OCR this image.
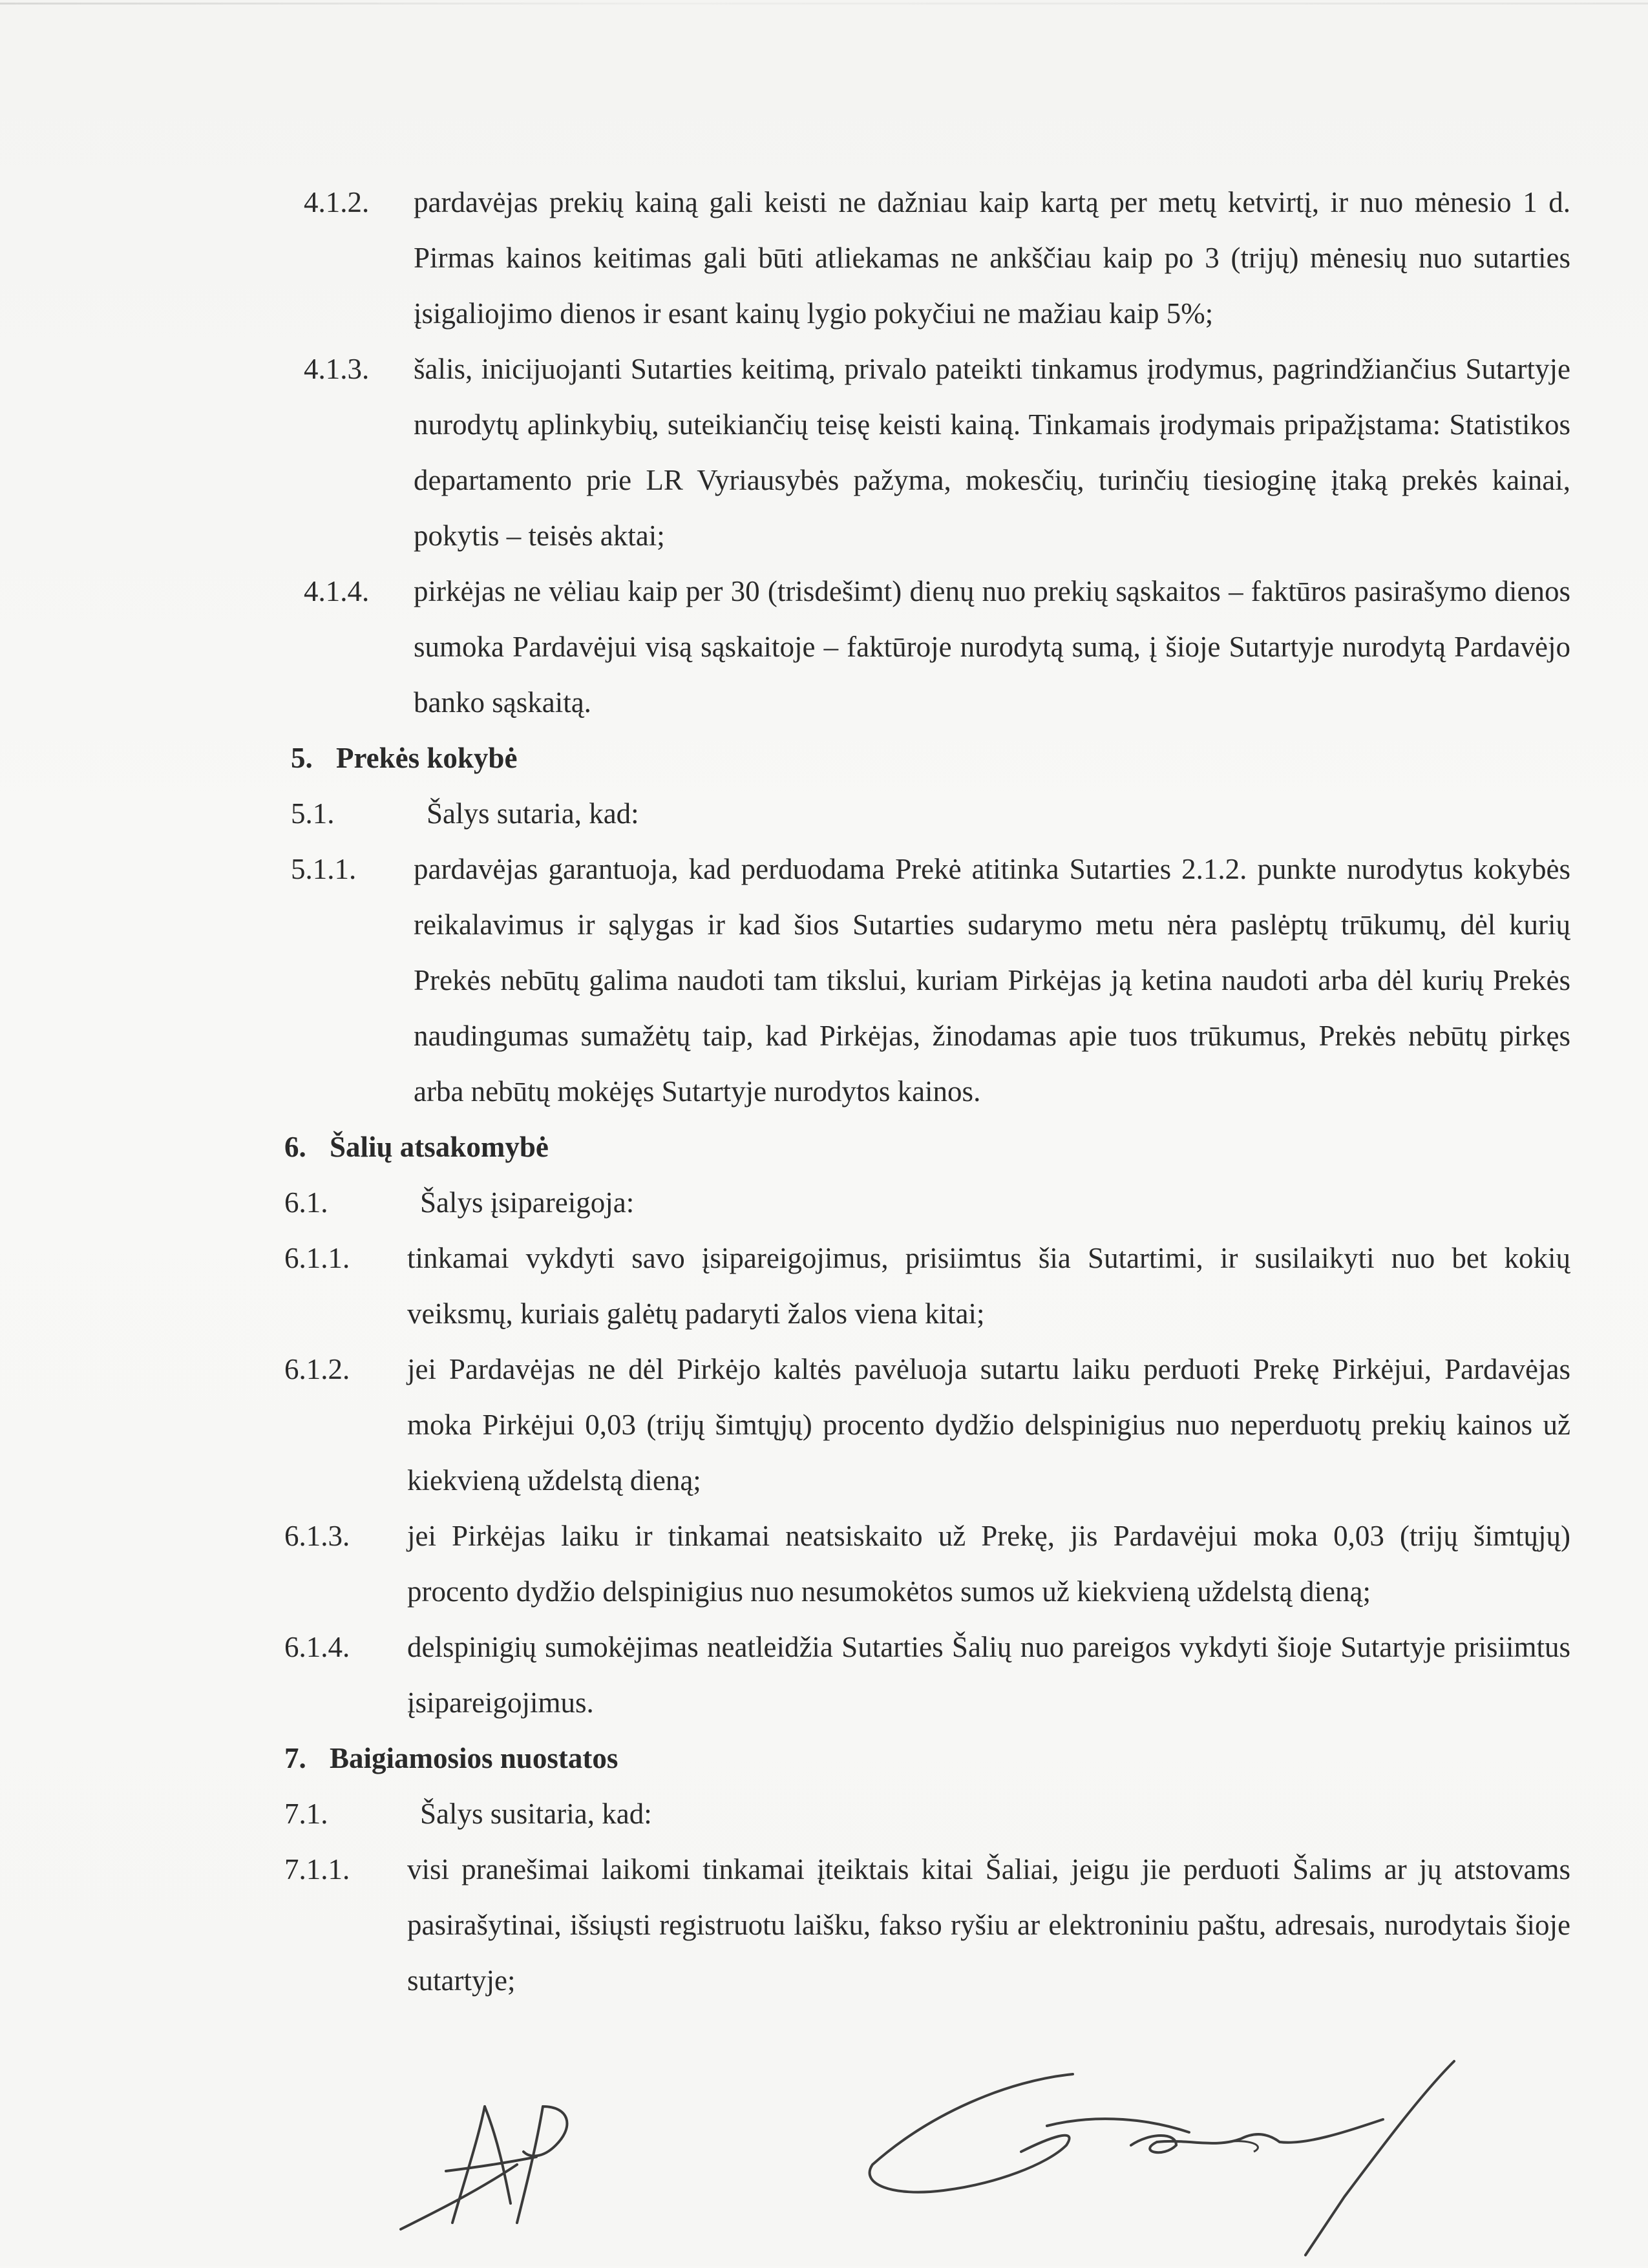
4.1.2.	pardavėjas prekių kainą gali keisti ne dažniau kaip kartą per metų ketvirtį, ir nuo mėnesio 1 d. Pirmas kainos keitimas gali būti atliekamas ne ankščiau kaip po 3 (trijų) mėnesių nuo sutarties įsigaliojimo dienos ir esant kainų lygio pokyčiui ne mažiau kaip 5%;
4.1.3.	šalis, inicijuojanti Sutarties keitimą, privalo pateikti tinkamus įrodymus, pagrindžiančius Sutartyje nurodytų aplinkybių, suteikiančių teisę keisti kainą. Tinkamais įrodymais pripažįstama: Statistikos departamento prie LR Vyriausybės pažyma, mokesčių, turinčių tiesioginę įtaką prekės kainai, pokytis – teisės aktai;
4.1.4.	pirkėjas ne vėliau kaip per 30 (trisdešimt) dienų nuo prekių sąskaitos – faktūros pasirašymo dienos sumoka Pardavėjui visą sąskaitoje – faktūroje nurodytą sumą, į šioje Sutartyje nurodytą Pardavėjo banko sąskaitą.
5. Prekės kokybė
5.1.	Šalys sutaria, kad:
5.1.1.	pardavėjas garantuoja, kad perduodama Prekė atitinka Sutarties 2.1.2. punkte nurodytus kokybės reikalavimus ir sąlygas ir kad šios Sutarties sudarymo metu nėra paslėptų trūkumų, dėl kurių Prekės nebūtų galima naudoti tam tikslui, kuriam Pirkėjas ją ketina naudoti arba dėl kurių Prekės naudingumas sumažėtų taip, kad Pirkėjas, žinodamas apie tuos trūkumus, Prekės nebūtų pirkęs arba nebūtų mokėjęs Sutartyje nurodytos kainos.
6. Šalių atsakomybė
6.1.	Šalys įsipareigoja:
6.1.1.	tinkamai vykdyti savo įsipareigojimus, prisiimtus šia Sutartimi, ir susilaikyti nuo bet kokių veiksmų, kuriais galėtų padaryti žalos viena kitai;
6.1.2.	jei Pardavėjas ne dėl Pirkėjo kaltės pavėluoja sutartu laiku perduoti Prekę Pirkėjui, Pardavėjas moka Pirkėjui 0,03 (trijų šimtųjų) procento dydžio delspinigius nuo neperduotų prekių kainos už kiekvieną uždelstą dieną;
6.1.3.	jei Pirkėjas laiku ir tinkamai neatsiskaito už Prekę, jis Pardavėjui moka 0,03 (trijų šimtųjų) procento dydžio delspinigius nuo nesumokėtos sumos už kiekvieną uždelstą dieną;
6.1.4.	delspinigių sumokėjimas neatleidžia Sutarties Šalių nuo pareigos vykdyti šioje Sutartyje prisiimtus įsipareigojimus.
7. Baigiamosios nuostatos
7.1.	Šalys susitaria, kad:
7.1.1.	visi pranešimai laikomi tinkamai įteiktais kitai Šaliai, jeigu jie perduoti Šalims ar jų atstovams pasirašytinai, išsiųsti registruotu laišku, fakso ryšiu ar elektroniniu paštu, adresais, nurodytais šioje sutartyje;
